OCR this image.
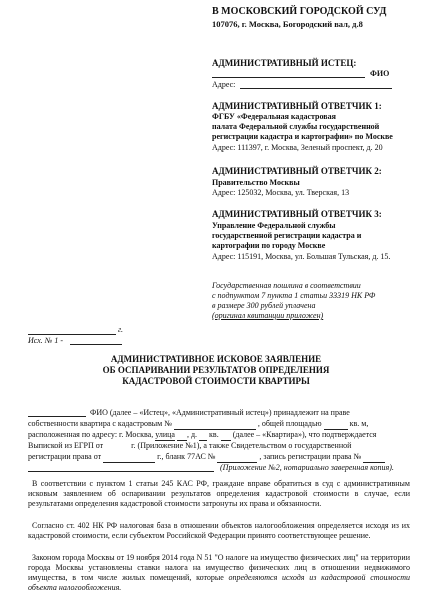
В МОСКОВСКИЙ ГОРОДСКОЙ СУД
107076, г. Москва, Богородский вал, д.8
АДМИНИСТРАТИВНЫЙ ИСТЕЦ:
ФИО
Адрес:
АДМИНИСТРАТИВНЫЙ ОТВЕТЧИК 1:
ФГБУ «Федеральная кадастровая
палата Федеральной службы государственной
регистрации кадастра и картографии» по Москве
Адрес: 111397, г. Москва, Зеленый проспект, д. 20
АДМИНИСТРАТИВНЫЙ ОТВЕТЧИК 2:
Правительство Москвы
Адрес: 125032, Москва, ул. Тверская, 13
АДМИНИСТРАТИВНЫЙ ОТВЕТЧИК 3:
Управление Федеральной службы
государственной регистрации кадастра и
картографии по городу Москве
Адрес: 115191, Москва, ул. Большая Тульская, д. 15.
Государственная пошлина в соответствии
с подпунктом 7 пункта 1 статьи 33319 НК РФ
в размере 300 рублей уплачена
(оригинал квитанции приложен)
г.
Исх. № 1 -
АДМИНИСТРАТИВНОЕ ИСКОВОЕ ЗАЯВЛЕНИЕ
ОБ ОСПАРИВАНИИ РЕЗУЛЬТАТОВ ОПРЕДЕЛЕНИЯ
КАДАСТРОВОЙ СТОИМОСТИ КВАРТИРЫ
ФИО (далее – «Истец», «Административный истец») принадлежит на праве
собственности квартира с кадастровым №	, общей площадью	кв. м,
расположенная по адресу: г. Москва, улица , д. кв. (далее – «Квартира»), что подтверждается
Выпиской из ЕГРП от              г. (Приложение №1), а также Свидетельством о государственной
регистрации права от	г., бланк 77АС №	, запись регистрации права №
(Приложение №2, нотариально заверенная копия).
В соответствии с пунктом 1 статьи 245 КАС РФ, граждане вправе обратиться в суд с административным исковым заявлением об оспаривании результатов определения кадастровой стоимости в случае, если результатами определения кадастровой стоимости затронуты их права и обязанности.
Согласно ст. 402 НК РФ налоговая база в отношении объектов налогообложения определяется исходя из их кадастровой стоимости, если субъектом Российской Федерации принято соответствующее решение.
Законом города Москвы от 19 ноября 2014 года N 51 "О налоге на имущество физических лиц" на территории города Москвы установлены ставки налога на имущество физических лиц в отношении недвижимого имущества, в том числе жилых помещений, которые определяются исходя из кадастровой стоимости объекта налогообложения.
